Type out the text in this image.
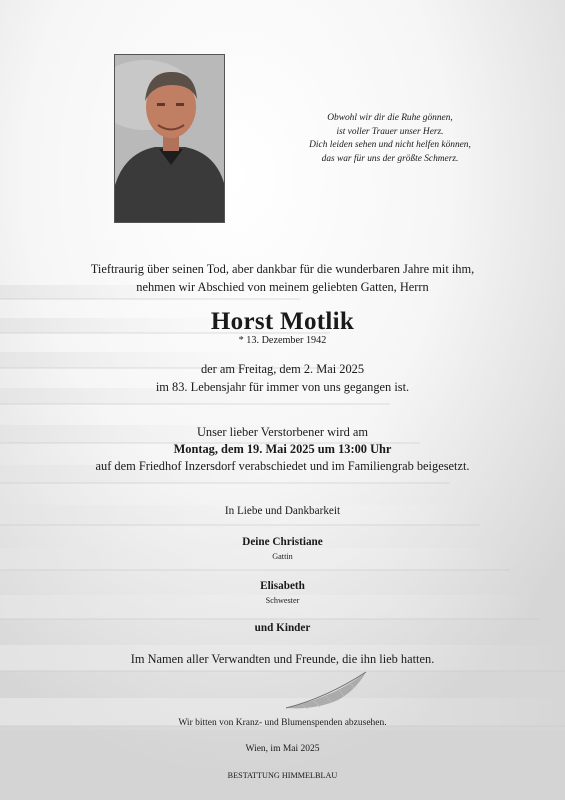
Obwohl wir dir die Ruhe gönnen,
ist voller Trauer unser Herz.
Dich leiden sehen und nicht helfen können,
das war für uns der größte Schmerz.
Tieftraurig über seinen Tod, aber dankbar für die wunderbaren Jahre mit ihm,
nehmen wir Abschied von meinem geliebten Gatten, Herrn
Horst Motlik
* 13. Dezember 1942
der am Freitag, dem 2. Mai 2025
im 83. Lebensjahr für immer von uns gegangen ist.
Unser lieber Verstorbener wird am
Montag, dem 19. Mai 2025 um 13:00 Uhr
auf dem Friedhof Inzersdorf verabschiedet und im Familiengrab beigesetzt.
In Liebe und Dankbarkeit
Deine Christiane
Gattin
Elisabeth
Schwester
und Kinder
Im Namen aller Verwandten und Freunde, die ihn lieb hatten.
Wir bitten von Kranz- und Blumenspenden abzusehen.
Wien, im Mai 2025
BESTATTUNG HIMMELBLAU
